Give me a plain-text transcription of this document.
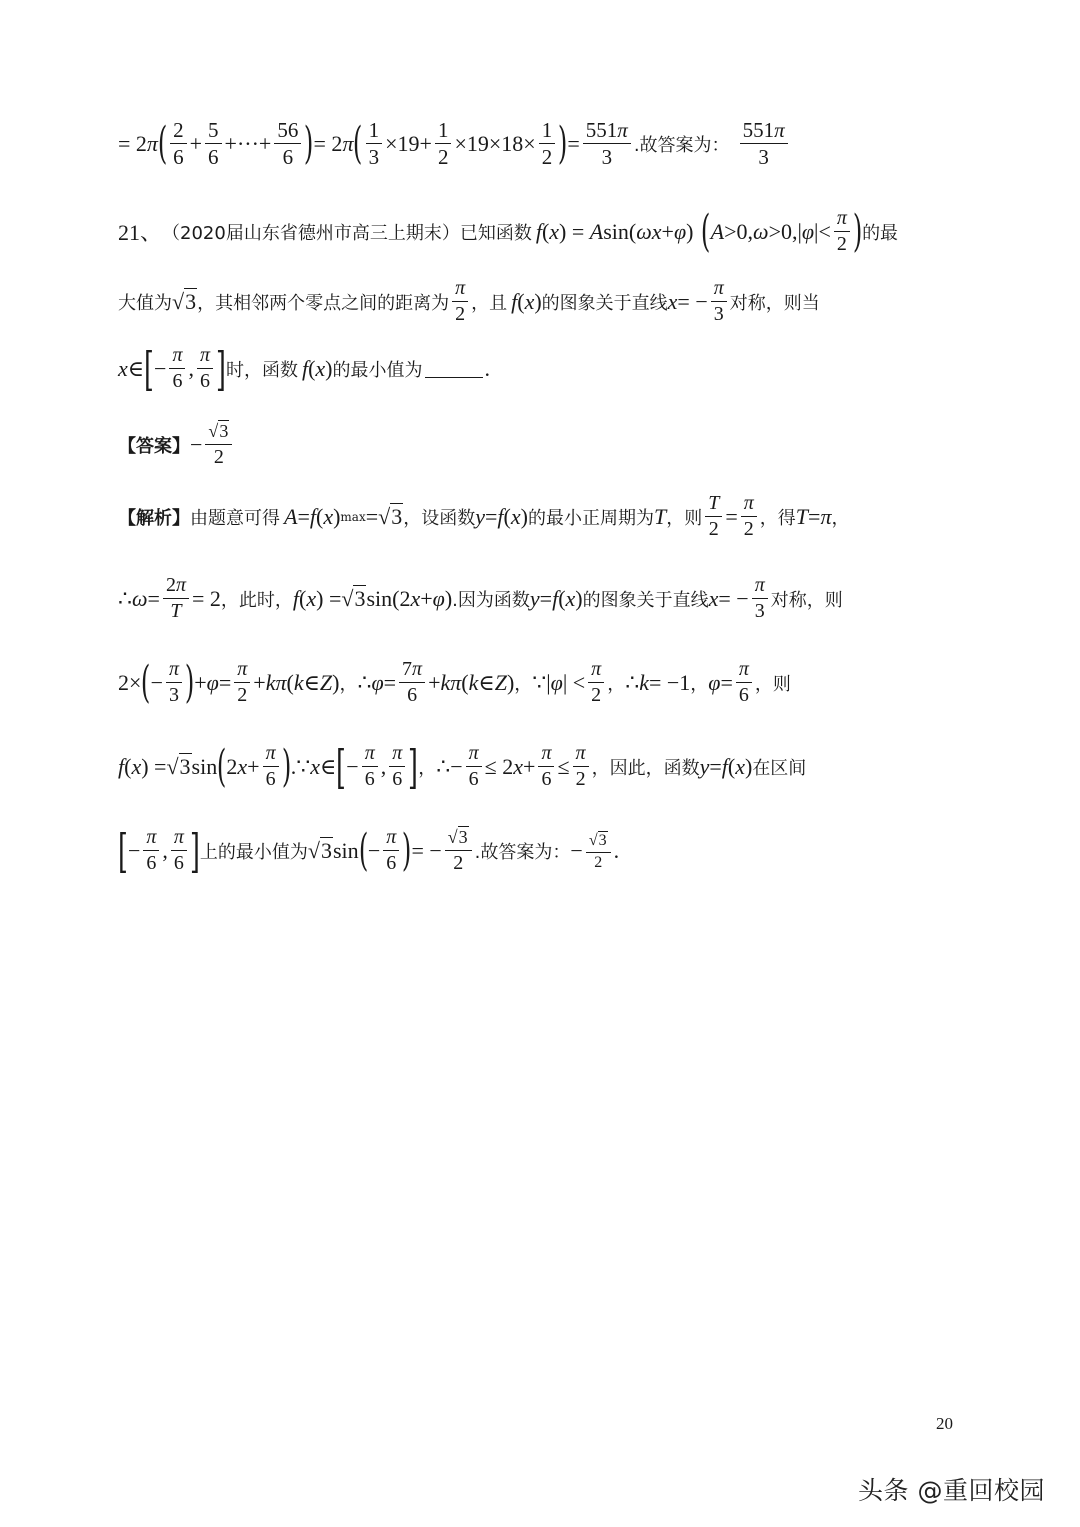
= 2π ( $\frac{2}{6} + \frac{5}{6}$ +···+ $\frac{56}{6}$ ) = 2π ( $\frac{1}{3} \times 19+ \frac{1}{2} \times 19\times 18\times \frac{1}{2}$ ) = $\frac{551\pi}{3}$ .故答案为： $\frac{551\pi}{3}$
21、 （2020届山东省德州市高三上期末） 已知函数 f ( x ) = A sin( ωx + φ ) ( A >0, ω >0,| φ |< $\frac{\pi}{2}$ ) 的最
大值为 √3 ，其相邻两个零点之间的距离为 $\frac{\pi}{2}$ ，且 f ( x ) 的图象关于直线 x = − $\frac{\pi}{3}$ 对称，则当
x ∈ [ − $\frac{\pi}{6}$ , $\frac{\pi}{6}$ ] 时，函数 f ( x ) 的最小值为	.
【答案】 − $\frac{√3}{2}$
【解析】 由题意可得 A = f ( x ) max = √3 ，设函数 y = f ( x ) 的最小正周期为 T ，则 $\frac{T}{2} = \frac{\pi}{2}$ ，得 T = π ，
∴ $\omega = \frac{2\pi}{T} = 2$ ，此时， f ( x ) = √3 sin(2 x + φ ) .因为函数 y = f ( x ) 的图象关于直线 x = − $\frac{\pi}{3}$ 对称，则
2× ( − $\frac{\pi}{3}$ ) + $\varphi = \frac{\pi}{2} + k\pi$ ( k ∈ Z ) ， ∴ $\varphi = \frac{7\pi}{6} + k\pi$ ( k ∈ Z ) ， ∵| φ | < $\frac{\pi}{2}$ ， ∴ k = −1 ， $\varphi = \frac{\pi}{6}$ ，则
f ( x ) = √3 sin ( 2 $x + \frac{\pi}{6}$ ) . ∵ x ∈ [ − $\frac{\pi}{6}$ , $\frac{\pi}{6}$ ] ， ∴− $\frac{\pi}{6} \le 2$ $x + \frac{\pi}{6} \le \frac{\pi}{2}$ ，因此，函数 y = f ( x ) 在区间
[ − $\frac{\pi}{6}$ , $\frac{\pi}{6}$ ] 上的最小值为 √3 sin ( − $\frac{\pi}{6}$ ) = − $\frac{√3}{2}$ .故答案为： − $\frac{√3}{2}$ .
20
头条 @重回校园
